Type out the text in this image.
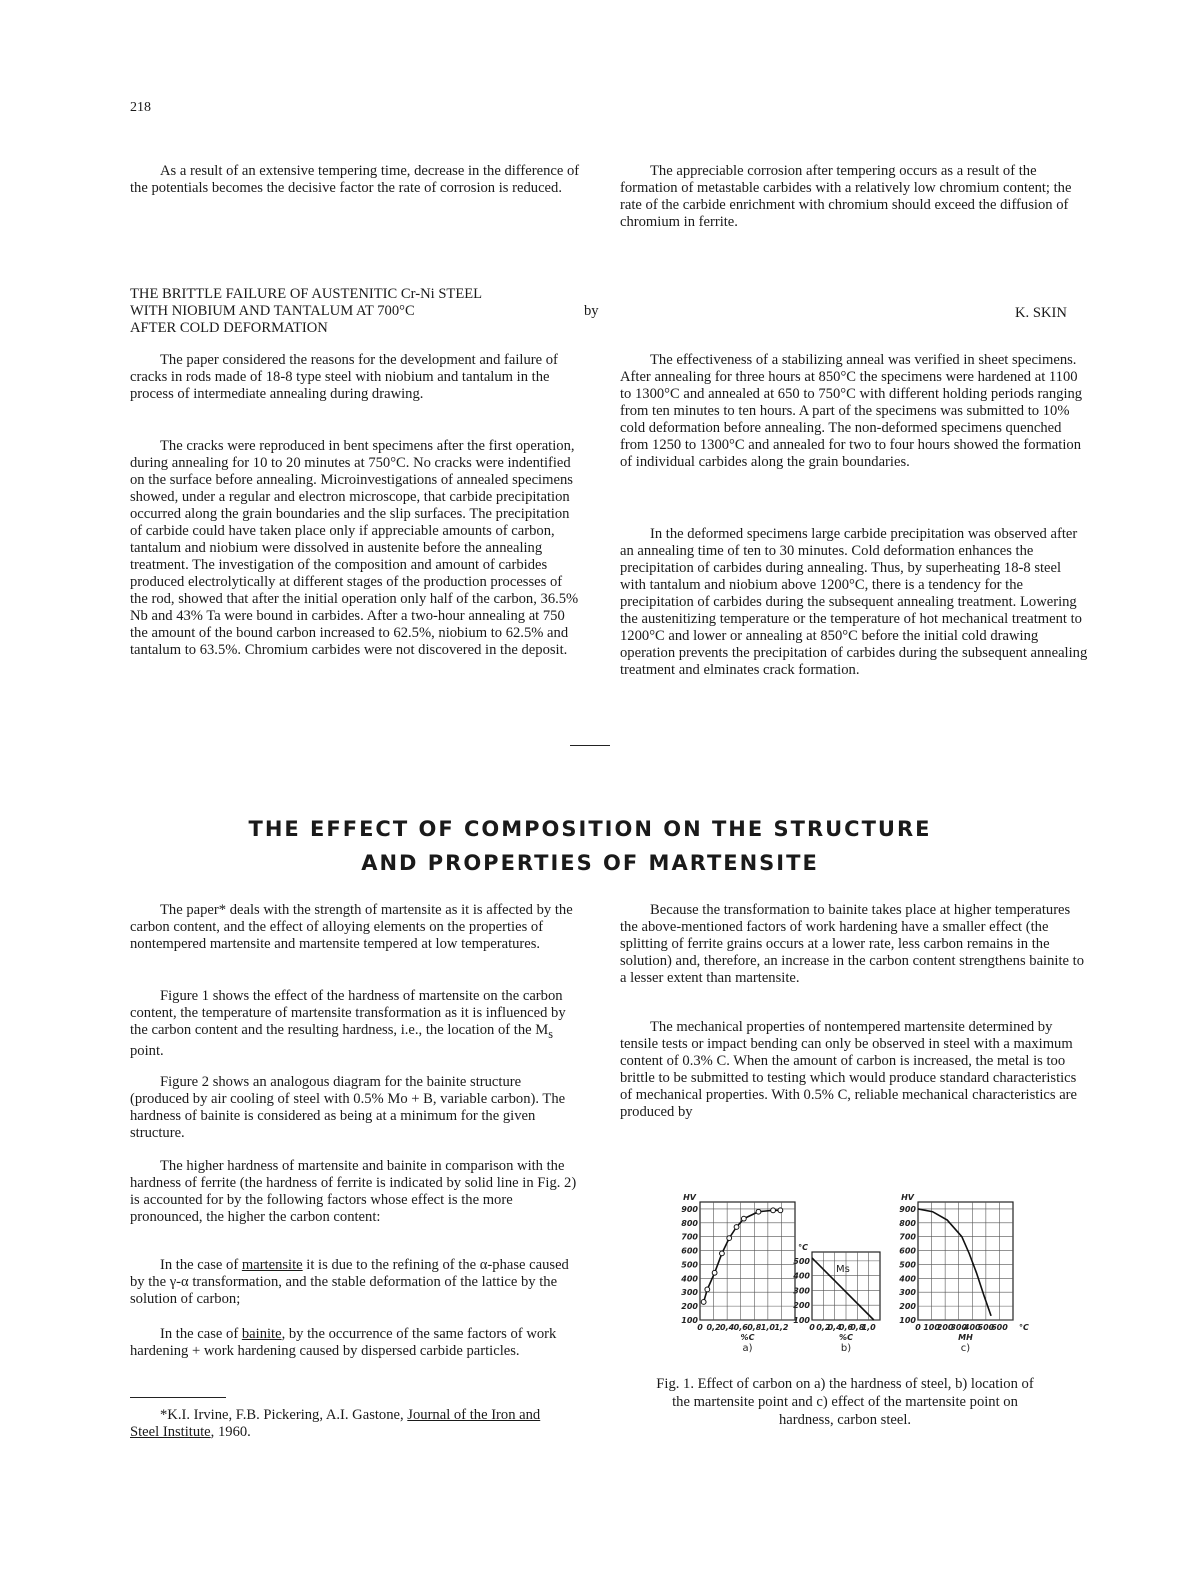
218

As a result of an extensive tempering time, decrease in the difference of the potentials becomes the decisive factor the rate of corrosion is reduced.

The appreciable corrosion after tempering occurs as a result of the formation of metastable carbides with a relatively low chromium content; the rate of the carbide enrichment with chromium should exceed the diffusion of chromium in ferrite.

THE BRITTLE FAILURE OF AUSTENITIC Cr-Ni STEEL
WITH NIOBIUM AND TANTALUM AT 700°C
AFTER COLD DEFORMATION
by	K. SKIN

The paper considered the reasons for the development and failure of cracks in rods made of 18-8 type steel with niobium and tantalum in the process of intermediate annealing during drawing.

The cracks were reproduced in bent specimens after the first operation, during annealing for 10 to 20 minutes at 750°C. No cracks were indentified on the surface before annealing. Microinvestigations of annealed specimens showed, under a regular and electron microscope, that carbide precipitation occurred along the grain boundaries and the slip surfaces. The precipitation of carbide could have taken place only if appreciable amounts of carbon, tantalum and niobium were dissolved in austenite before the annealing treatment. The investigation of the composition and amount of carbides produced electrolytically at different stages of the production processes of the rod, showed that after the initial operation only half of the carbon, 36.5% Nb and 43% Ta were bound in carbides. After a two-hour annealing at 750 the amount of the bound carbon increased to 62.5%, niobium to 62.5% and tantalum to 63.5%. Chromium carbides were not discovered in the deposit.

The effectiveness of a stabilizing anneal was verified in sheet specimens. After annealing for three hours at 850°C the specimens were hardened at 1100 to 1300°C and annealed at 650 to 750°C with different holding periods ranging from ten minutes to ten hours. A part of the specimens was submitted to 10% cold deformation before annealing. The non-deformed specimens quenched from 1250 to 1300°C and annealed for two to four hours showed the formation of individual carbides along the grain boundaries.

In the deformed specimens large carbide precipitation was observed after an annealing time of ten to 30 minutes. Cold deformation enhances the precipitation of carbides during annealing. Thus, by superheating 18-8 steel with tantalum and niobium above 1200°C, there is a tendency for the precipitation of carbides during the subsequent annealing treatment. Lowering the austenitizing temperature or the temperature of hot mechanical treatment to 1200°C and lower or annealing at 850°C before the initial cold drawing operation prevents the precipitation of carbides during the subsequent annealing treatment and elminates crack formation.

THE EFFECT OF COMPOSITION ON THE STRUCTURE
AND PROPERTIES OF MARTENSITE

The paper* deals with the strength of martensite as it is affected by the carbon content, and the effect of alloying elements on the properties of nontempered martensite and martensite tempered at low temperatures.

Figure 1 shows the effect of the hardness of martensite on the carbon content, the temperature of martensite transformation as it is influenced by the carbon content and the resulting hardness, i.e., the location of the $M_s$ point.

Figure 2 shows an analogous diagram for the bainite structure (produced by air cooling of steel with 0.5% Mo + B, variable carbon). The hardness of bainite is considered as being at a minimum for the given structure.

The higher hardness of martensite and bainite in comparison with the hardness of ferrite (the hardness of ferrite is indicated by solid line in Fig. 2) is accounted for by the following factors whose effect is the more pronounced, the higher the carbon content:

In the case of martensite it is due to the refining of the α-phase caused by the γ-α transformation, and the stable deformation of the lattice by the solution of carbon;

In the case of bainite, by the occurrence of the same factors of work hardening + work hardening caused by dispersed carbide particles.

*K.I. Irvine, F.B. Pickering, A.I. Gastone, Journal of the Iron and Steel Institute, 1960.

Because the transformation to bainite takes place at higher temperatures the above-mentioned factors of work hardening have a smaller effect (the splitting of ferrite grains occurs at a lower rate, less carbon remains in the solution) and, therefore, an increase in the carbon content strengthens bainite to a lesser extent than martensite.

The mechanical properties of nontempered martensite determined by tensile tests or impact bending can only be observed in steel with a maximum content of 0.3% C. When the amount of carbon is increased, the metal is too brittle to be submitted to testing which would produce standard characteristics of mechanical properties. With 0.5% C, reliable mechanical characteristics are produced by

100
200
300
400
500
600
700
800
900
HV
0 0,2 0,4 0,6 0,8 1,0 1,2
%C
a)
100
200
300
400
500
°C
0 0,2
0,4
0,6
0,8
1,0
%C
b)
Ms
100
200
300
400
500
600
700
800
900
HV
0 100
200
300
400
500
600 °C
MH
c)
Fig. 1. Effect of carbon on a) the hardness of steel, b) location of the martensite point and c) effect of the martensite point on hardness, carbon steel.
